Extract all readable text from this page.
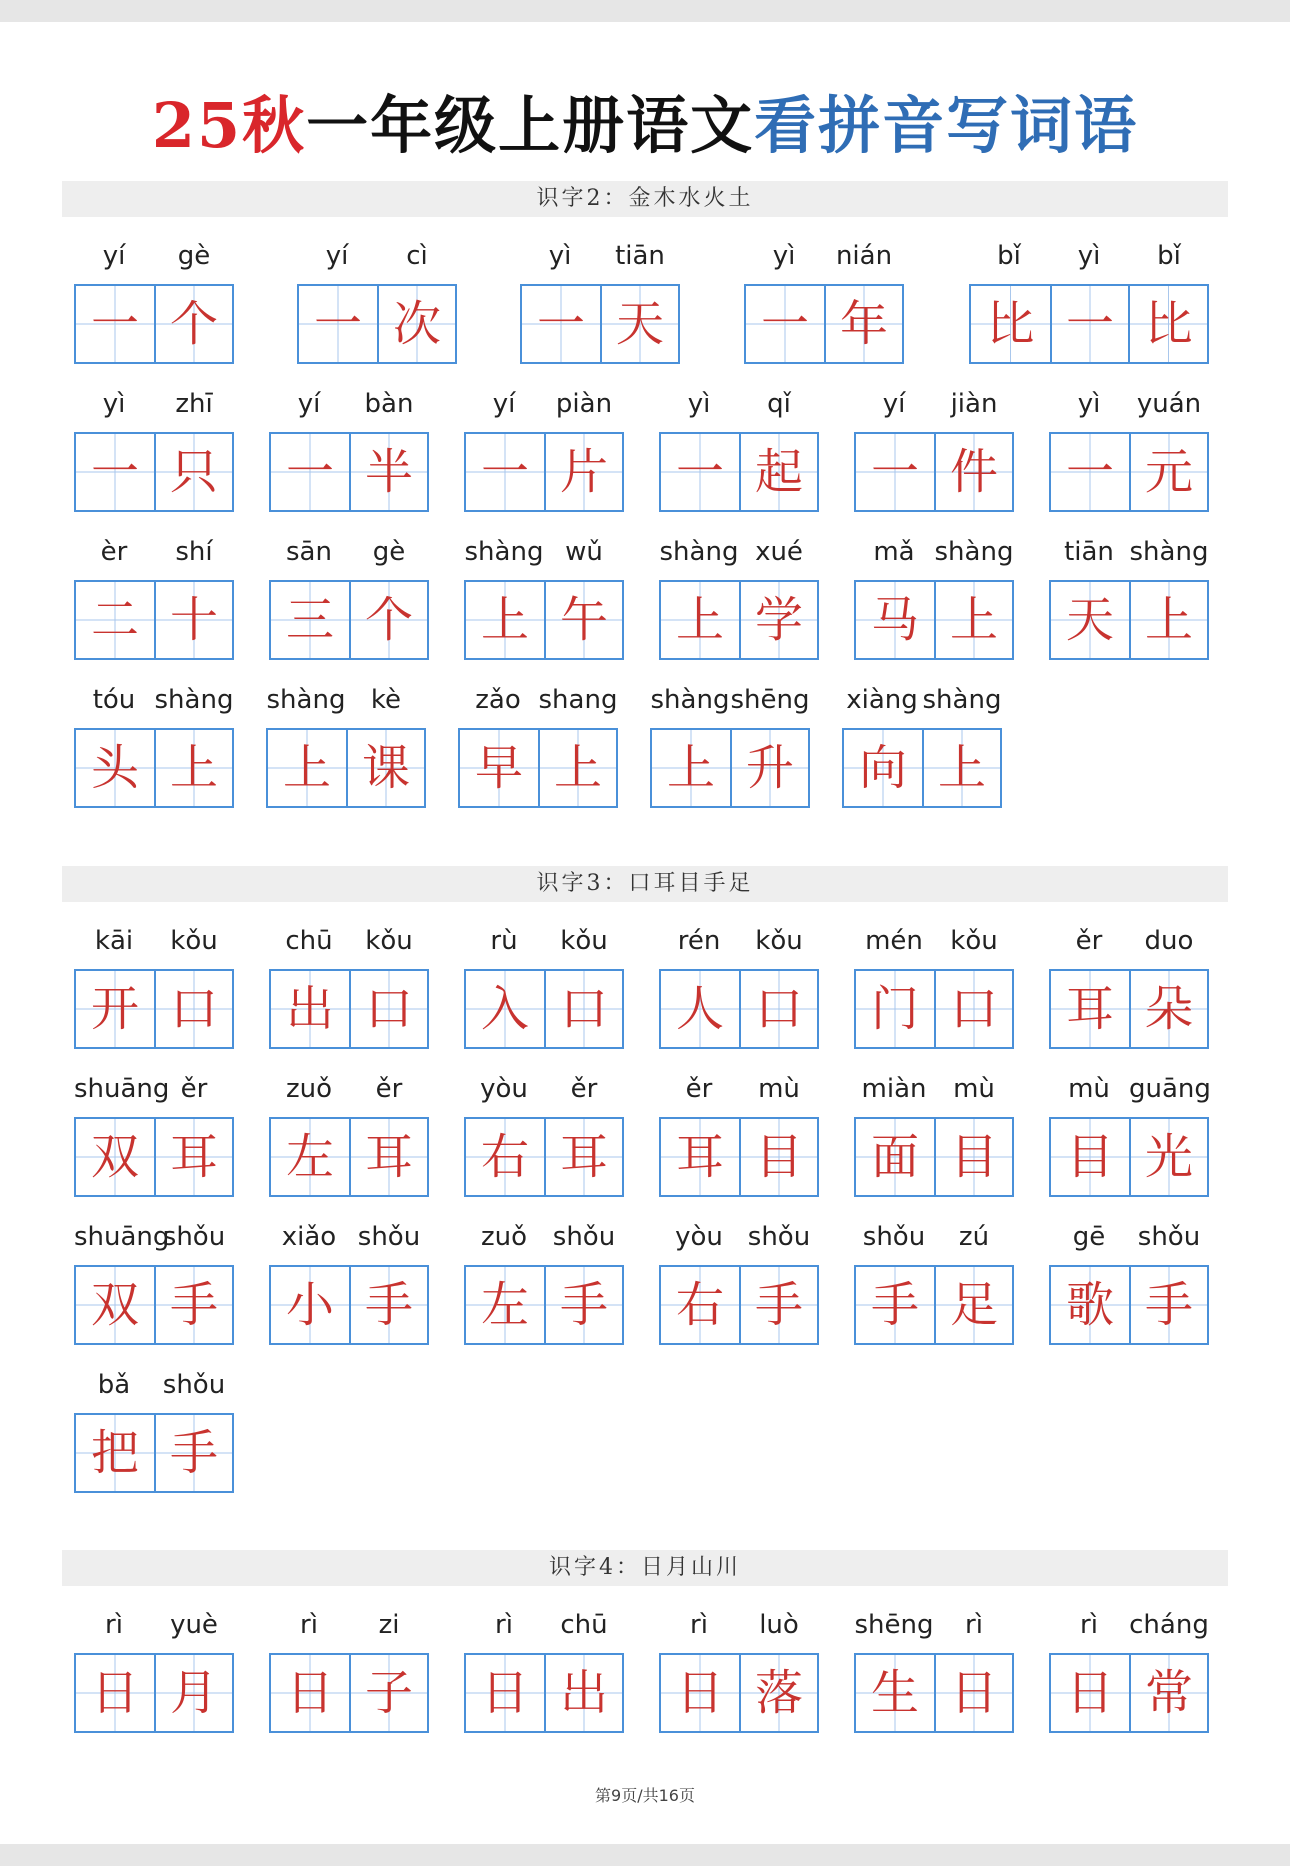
25秋一年级上册语文看拼音写词语
识字2：金木水火土
识字3：口耳目手足
识字4：日月山川
yí	gè
一 个
yí	cì
一 次
yì	tiān
一 天
yì	nián
一 年
bǐ	yì	bǐ
比 一 比
yì	zhī
一 只
yí	bàn
一 半
yí	piàn
一 片
yì	qǐ
一 起
yí	jiàn
一 件
yì	yuán
一 元
èr	shí
二 十
sān	gè
三 个
shàng wǔ
上 午
shàng xué
上 学
mǎ shàng
马 上
tiān shàng
天 上
tóu shàng
头 上
shàng kè
上 课
zǎo shang
早 上
shàng shēng
上 升
xiàng shàng
向 上
kāi	kǒu
开 口
chū	kǒu
出 口
rù	kǒu
入 口
rén	kǒu
人 口
mén	kǒu
门 口
ěr	duo
耳 朵
shuāng ěr
双 耳
zuǒ	ěr
左 耳
yòu	ěr
右 耳
ěr	mù
耳 目
miàn	mù
面 目
mù guāng
目 光
shuāng
shǒu
双 手
xiǎo shǒu
小 手
zuǒ shǒu
左 手
yòu shǒu
右 手
shǒu	zú
手 足
gē	shǒu
歌 手
bǎ	shǒu
把 手
rì	yuè
日 月
rì	zi
日 子
rì	chū
日 出
rì	luò
日 落
shēng	rì
生 日
rì	cháng
日 常
第9页/共16页
